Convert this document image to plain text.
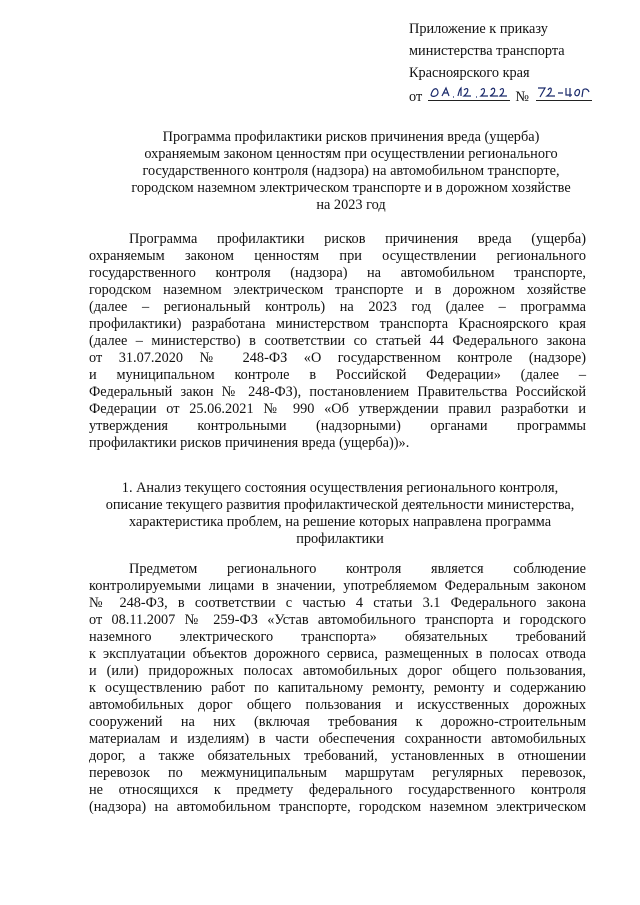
Приложение к приказу
министерства транспорта
Красноярского края
от	№
Программа профилактики рисков причинения вреда (ущерба)
охраняемым законом ценностям при осуществлении регионального
государственного контроля (надзора) на автомобильном транспорте,
городском наземном электрическом транспорте и в дорожном хозяйстве
на 2023 год
Программа профилактики рисков причинения вреда (ущерба)
охраняемым законом ценностям при осуществлении регионального
государственного контроля (надзора) на автомобильном транспорте,
городском наземном электрическом транспорте и в дорожном хозяйстве
(далее – региональный контроль) на 2023 год (далее – программа
профилактики) разработана министерством транспорта Красноярского края
(далее – министерство) в соответствии со статьей 44 Федерального закона
от 31.07.2020 № 248-ФЗ «О государственном контроле (надзоре)
и муниципальном контроле в Российской Федерации» (далее –
Федеральный закон № 248-ФЗ), постановлением Правительства Российской
Федерации от 25.06.2021 № 990 «Об утверждении правил разработки и
утверждения контрольными (надзорными) органами программы
профилактики рисков причинения вреда (ущерба))».
1. Анализ текущего состояния осуществления регионального контроля,
описание текущего развития профилактической деятельности министерства,
характеристика проблем, на решение которых направлена программа
профилактики
Предметом регионального контроля является соблюдение
контролируемыми лицами в значении, употребляемом Федеральным законом
№ 248-ФЗ, в соответствии с частью 4 статьи 3.1 Федерального закона
от 08.11.2007 № 259-ФЗ «Устав автомобильного транспорта и городского
наземного электрического транспорта» обязательных требований
к эксплуатации объектов дорожного сервиса, размещенных в полосах отвода
и (или) придорожных полосах автомобильных дорог общего пользования,
к осуществлению работ по капитальному ремонту, ремонту и содержанию
автомобильных дорог общего пользования и искусственных дорожных
сооружений на них (включая требования к дорожно-строительным
материалам и изделиям) в части обеспечения сохранности автомобильных
дорог, а также обязательных требований, установленных в отношении
перевозок по межмуниципальным маршрутам регулярных перевозок,
не относящихся к предмету федерального государственного контроля
(надзора) на автомобильном транспорте, городском наземном электрическом
